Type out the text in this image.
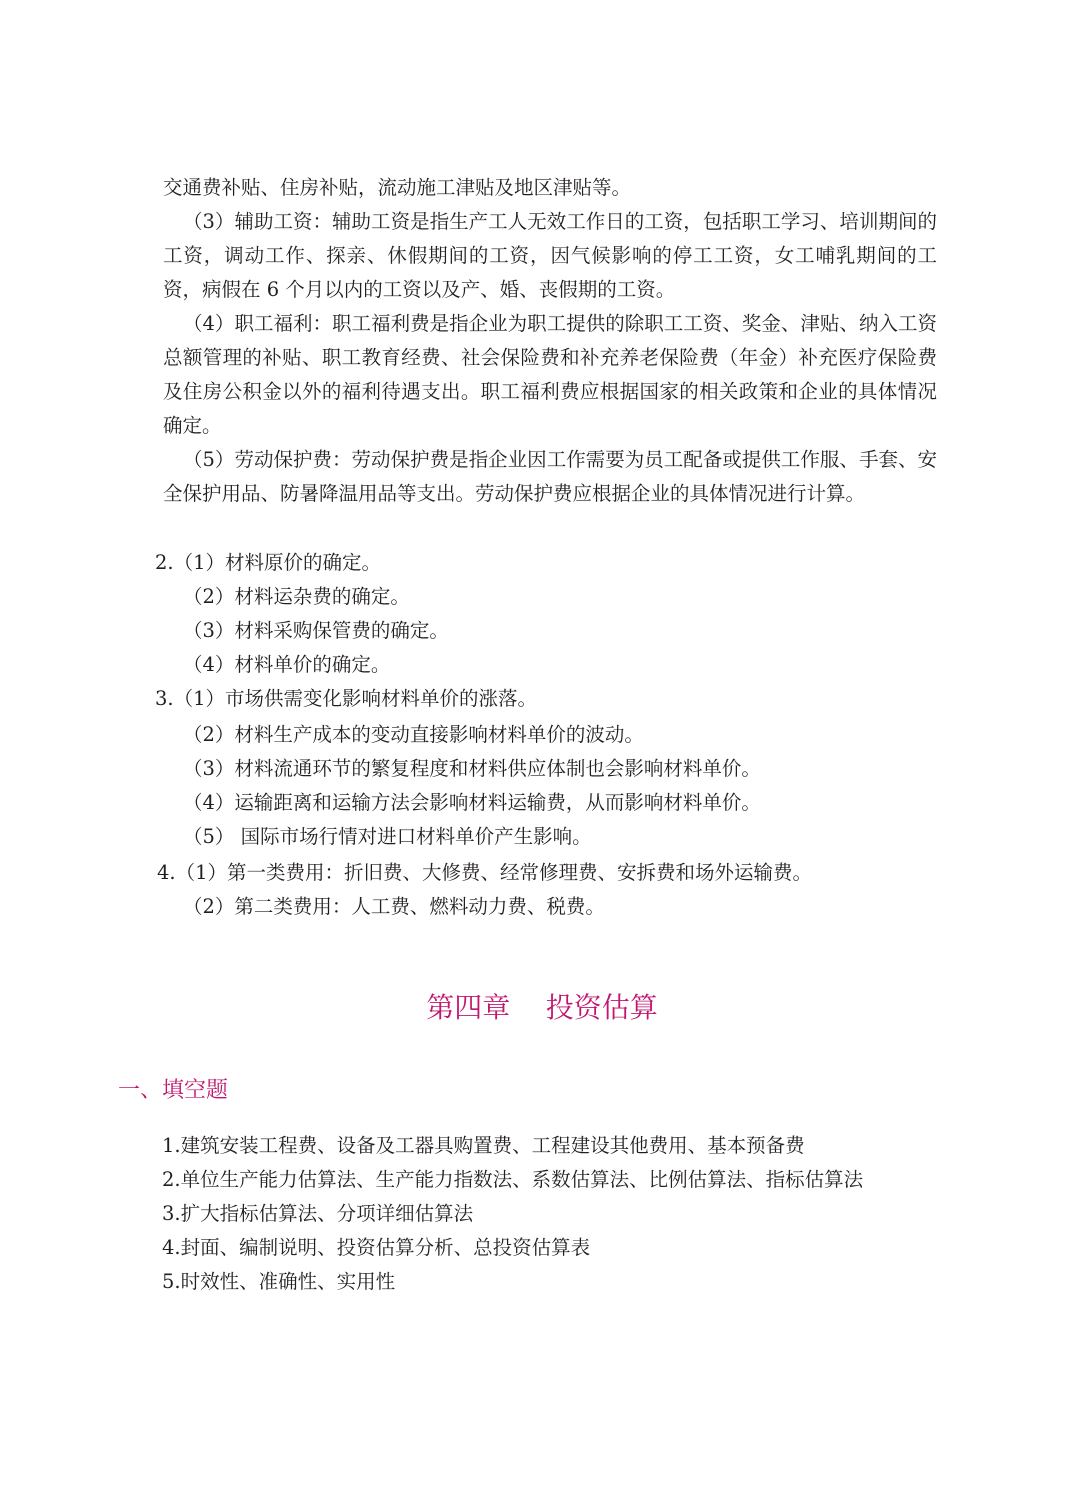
交通费补贴、住房补贴，流动施工津贴及地区津贴等。

（3）辅助工资：辅助工资是指生产工人无效工作日的工资，包括职工学习、培训期间的工资，调动工作、探亲、休假期间的工资，因气候影响的停工工资，女工哺乳期间的工资，病假在 6 个月以内的工资以及产、婚、丧假期的工资。

（4）职工福利：职工福利费是指企业为职工提供的除职工工资、奖金、津贴、纳入工资总额管理的补贴、职工教育经费、社会保险费和补充养老保险费（年金）补充医疗保险费及住房公积金以外的福利待遇支出。职工福利费应根据国家的相关政策和企业的具体情况确定。

（5）劳动保护费：劳动保护费是指企业因工作需要为员工配备或提供工作服、手套、安全保护用品、防暑降温用品等支出。劳动保护费应根据企业的具体情况进行计算。

2.（1）材料原价的确定。

（2）材料运杂费的确定。

（3）材料采购保管费的确定。

（4）材料单价的确定。

3.（1）市场供需变化影响材料单价的涨落。

（2）材料生产成本的变动直接影响材料单价的波动。

（3）材料流通环节的繁复程度和材料供应体制也会影响材料单价。

（4）运输距离和运输方法会影响材料运输费，从而影响材料单价。

（5） 国际市场行情对进口材料单价产生影响。

4.（1）第一类费用：折旧费、大修费、经常修理费、安拆费和场外运输费。

（2）第二类费用：人工费、燃料动力费、税费。

第四章    投资估算
一、填空题

1.建筑安装工程费、设备及工器具购置费、工程建设其他费用、基本预备费

2.单位生产能力估算法、生产能力指数法、系数估算法、比例估算法、指标估算法

3.扩大指标估算法、分项详细估算法

4.封面、编制说明、投资估算分析、总投资估算表

5.时效性、准确性、实用性
